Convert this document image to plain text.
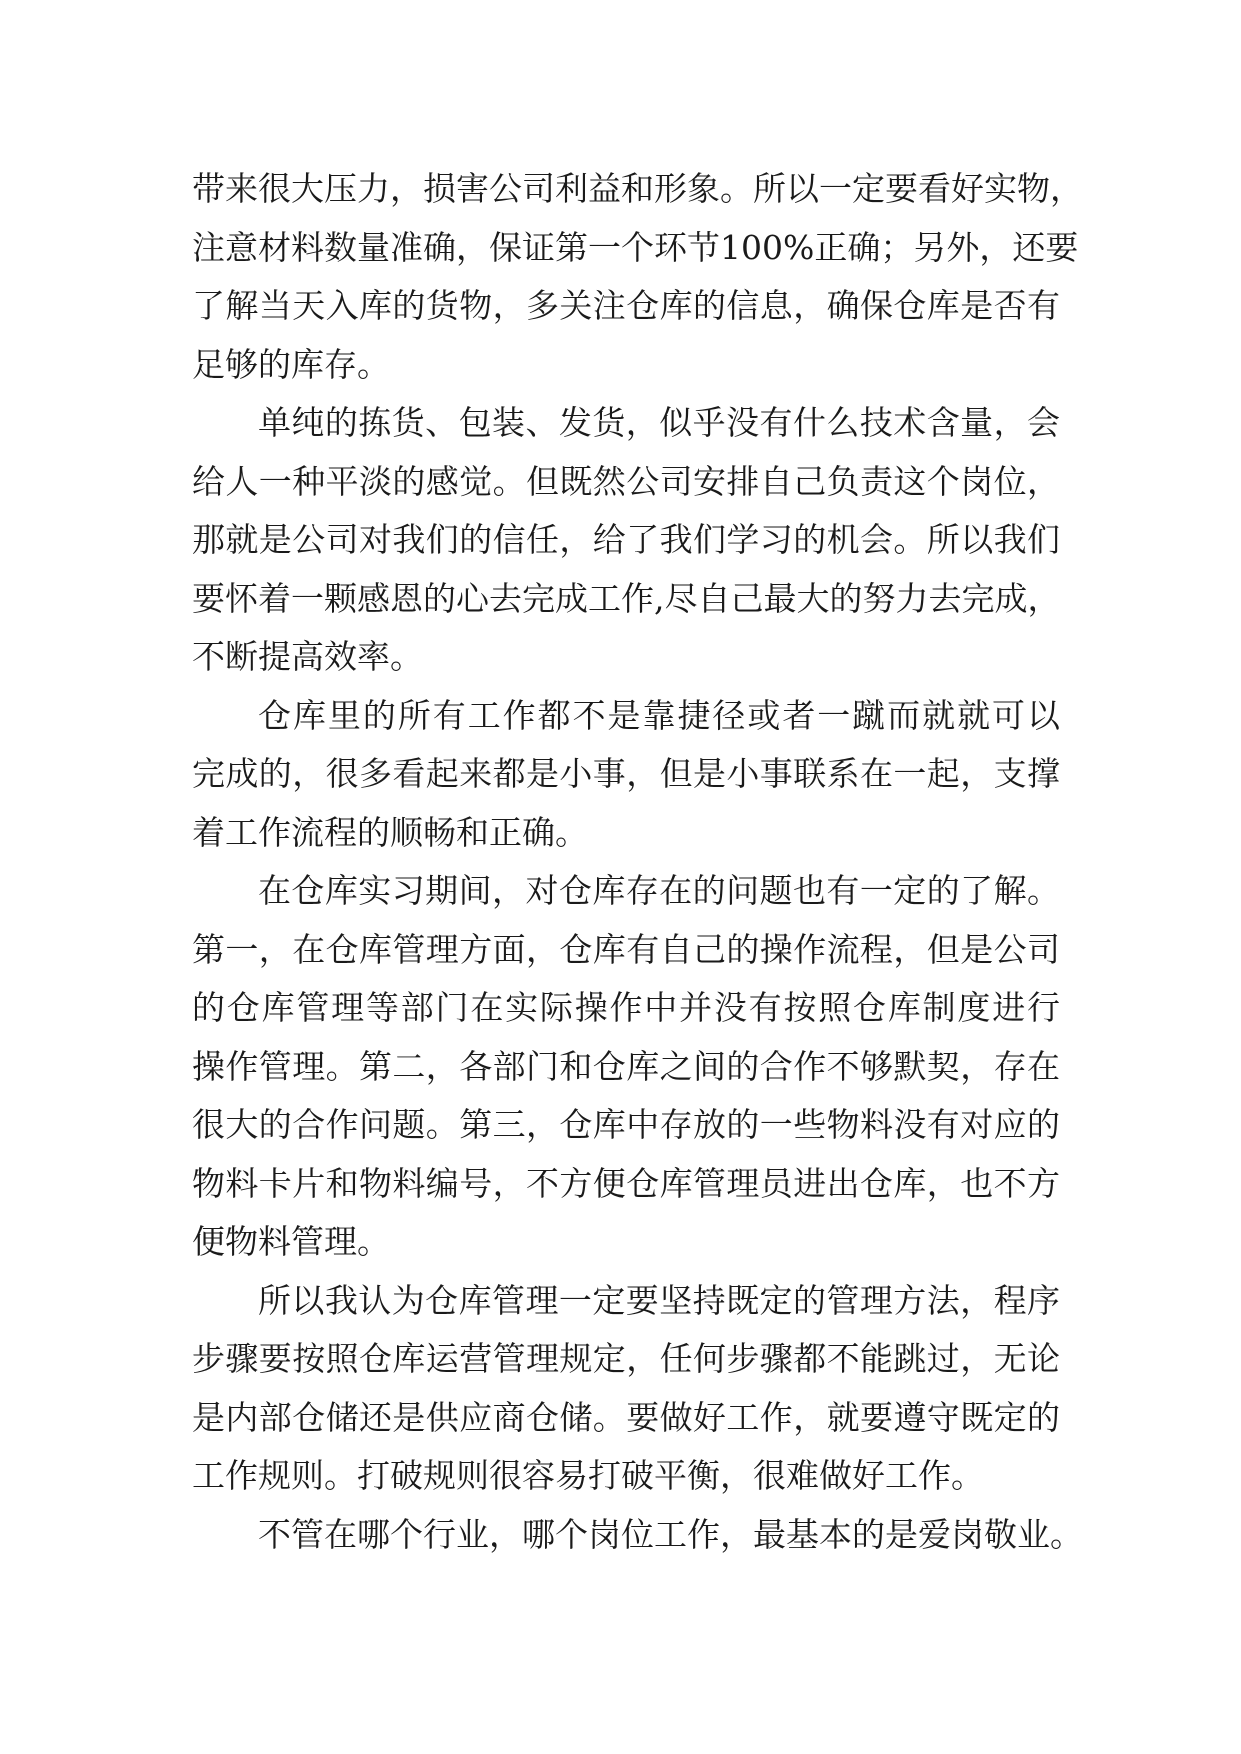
带来很大压力，损害公司利益和形象。所以一定要看好实物，
注意材料数量准确，保证第一个环节100%正确；另外，还要
了解当天入库的货物，多关注仓库的信息，确保仓库是否有
足够的库存。
单纯的拣货、包装、发货，似乎没有什么技术含量，会
给人一种平淡的感觉。但既然公司安排自己负责这个岗位，
那就是公司对我们的信任，给了我们学习的机会。所以我们
要怀着一颗感恩的心去完成工作,尽自己最大的努力去完成，
不断提高效率。
仓库里的所有工作都不是靠捷径或者一蹴而就就可以
完成的，很多看起来都是小事，但是小事联系在一起，支撑
着工作流程的顺畅和正确。
在仓库实习期间，对仓库存在的问题也有一定的了解。
第一，在仓库管理方面，仓库有自己的操作流程，但是公司
的仓库管理等部门在实际操作中并没有按照仓库制度进行
操作管理。第二，各部门和仓库之间的合作不够默契，存在
很大的合作问题。第三，仓库中存放的一些物料没有对应的
物料卡片和物料编号，不方便仓库管理员进出仓库，也不方
便物料管理。
所以我认为仓库管理一定要坚持既定的管理方法，程序
步骤要按照仓库运营管理规定，任何步骤都不能跳过，无论
是内部仓储还是供应商仓储。要做好工作，就要遵守既定的
工作规则。打破规则很容易打破平衡，很难做好工作。
不管在哪个行业，哪个岗位工作，最基本的是爱岗敬业。
